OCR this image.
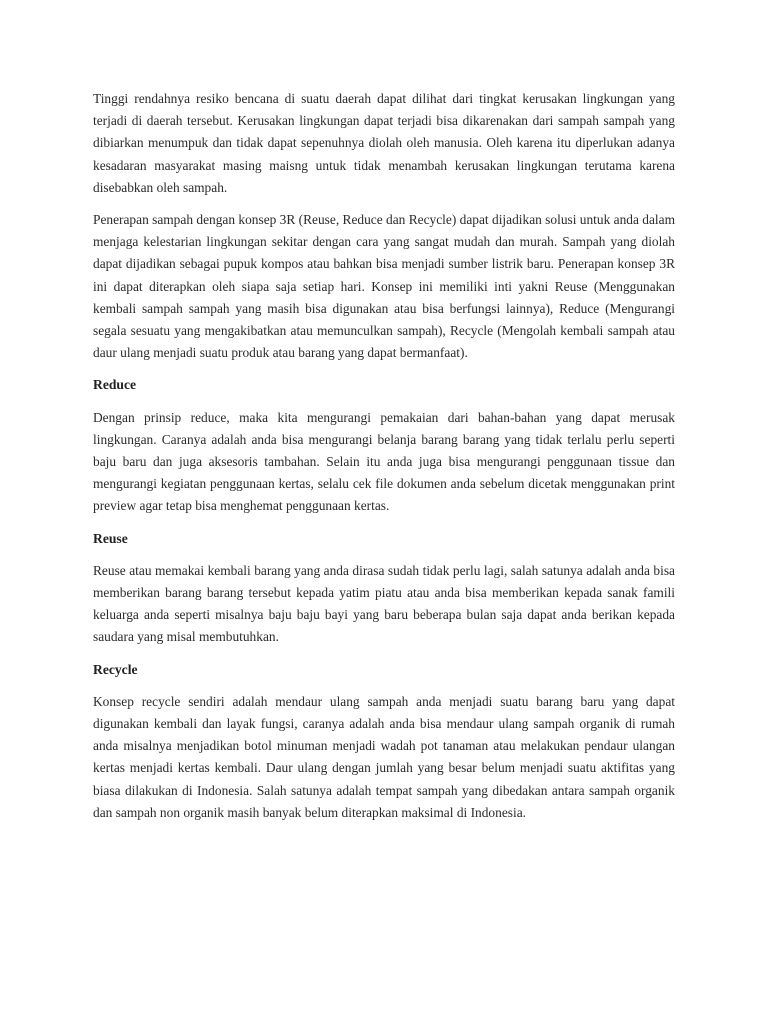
Tinggi rendahnya resiko bencana di suatu daerah dapat dilihat dari tingkat kerusakan lingkungan yang terjadi di daerah tersebut. Kerusakan lingkungan dapat terjadi bisa dikarenakan dari sampah sampah yang dibiarkan menumpuk dan tidak dapat sepenuhnya diolah oleh manusia. Oleh karena itu diperlukan adanya kesadaran masyarakat masing maisng untuk tidak menambah kerusakan lingkungan terutama karena disebabkan oleh sampah.

Penerapan sampah dengan konsep 3R (Reuse, Reduce dan Recycle) dapat dijadikan solusi untuk anda dalam menjaga kelestarian lingkungan sekitar dengan cara yang sangat mudah dan murah. Sampah yang diolah dapat dijadikan sebagai pupuk kompos atau bahkan bisa menjadi sumber listrik baru. Penerapan konsep 3R ini dapat diterapkan oleh siapa saja setiap hari. Konsep ini memiliki inti yakni Reuse (Menggunakan kembali sampah sampah yang masih bisa digunakan atau bisa berfungsi lainnya), Reduce (Mengurangi segala sesuatu yang mengakibatkan atau memunculkan sampah), Recycle (Mengolah kembali sampah atau daur ulang menjadi suatu produk atau barang yang dapat bermanfaat).

Reduce

Dengan prinsip reduce, maka kita mengurangi pemakaian dari bahan-bahan yang dapat merusak lingkungan. Caranya adalah anda bisa mengurangi belanja barang barang yang tidak terlalu perlu seperti baju baru dan juga aksesoris tambahan. Selain itu anda juga bisa mengurangi penggunaan tissue dan mengurangi kegiatan penggunaan kertas, selalu cek file dokumen anda sebelum dicetak menggunakan print preview agar tetap bisa menghemat penggunaan kertas.

Reuse

Reuse atau memakai kembali barang yang anda dirasa sudah tidak perlu lagi, salah satunya adalah anda bisa memberikan barang barang tersebut kepada yatim piatu atau anda bisa memberikan kepada sanak famili keluarga anda seperti misalnya baju baju bayi yang baru beberapa bulan saja dapat anda berikan kepada saudara yang misal membutuhkan.

Recycle

Konsep recycle sendiri adalah mendaur ulang sampah anda menjadi suatu barang baru yang dapat digunakan kembali dan layak fungsi, caranya adalah anda bisa mendaur ulang sampah organik di rumah anda misalnya menjadikan botol minuman menjadi wadah pot tanaman atau melakukan pendaur ulangan kertas menjadi kertas kembali. Daur ulang dengan jumlah yang besar belum menjadi suatu aktifitas yang biasa dilakukan di Indonesia. Salah satunya adalah tempat sampah yang dibedakan antara sampah organik dan sampah non organik masih banyak belum diterapkan maksimal di Indonesia.
